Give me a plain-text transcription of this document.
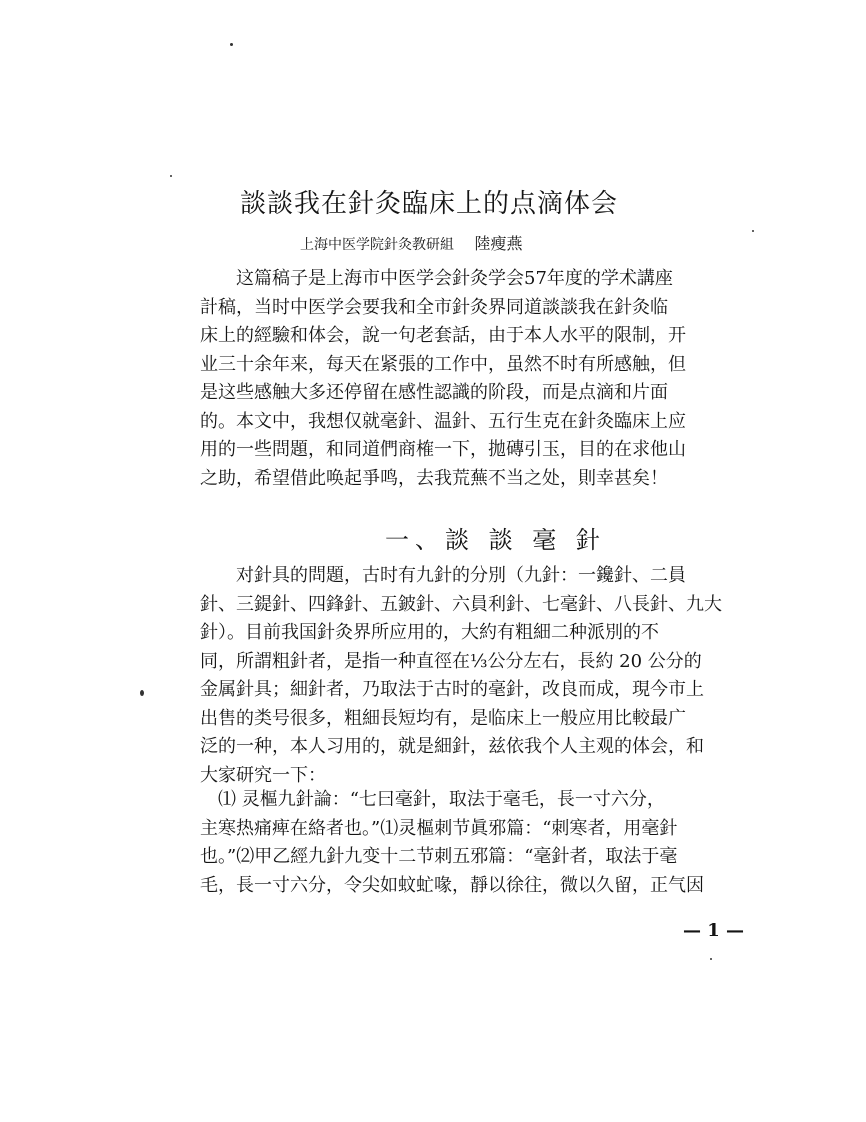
談談我在針灸臨床上的点滴体会
上海中医学院針灸教研組 陸瘦燕

这篇稿子是上海市中医学会針灸学会57年度的学术講座

計稿，当时中医学会要我和全市針灸界同道談談我在針灸临

床上的經驗和体会，說一句老套話，由于本人水平的限制，开

业三十余年来，每天在紧張的工作中，虽然不时有所感触，但

是这些感触大多还停留在感性認識的阶段，而是点滴和片面

的。本文中，我想仅就毫針、温針、五行生克在針灸臨床上应

用的一些問題，和同道們商榷一下，拋磚引玉，目的在求他山

之助，希望借此唤起爭鸣，去我荒蕪不当之处，則幸甚矣！

一、談 談 毫 針

对針具的問題，古时有九針的分別（九針：一鑱針、二員

針、三鍉針、四鋒針、五鈹針、六員利針、七毫針、八長針、九大

針）。目前我国針灸界所应用的，大約有粗細二种派別的不

同，所謂粗針者，是指一种直徑在⅓公分左右，長約 20 公分的

金属針具；細針者，乃取法于古时的毫針，改良而成，現今市上

出售的类号很多，粗細長短均有，是临床上一般应用比較最广

泛的一种，本人习用的，就是細針，兹依我个人主观的体会，和

大家研究一下：

⑴ 灵樞九針論：“七曰毫針，取法于毫毛，長一寸六分，

主寒热痛痺在絡者也。”⑴灵樞刺节眞邪篇：“刺寒者，用毫針

也。”⑵甲乙經九針九变十二节刺五邪篇：“毫針者，取法于毫

毛，長一寸六分，令尖如蚊虻喙，靜以徐往，微以久留，正气因

— 1 —
